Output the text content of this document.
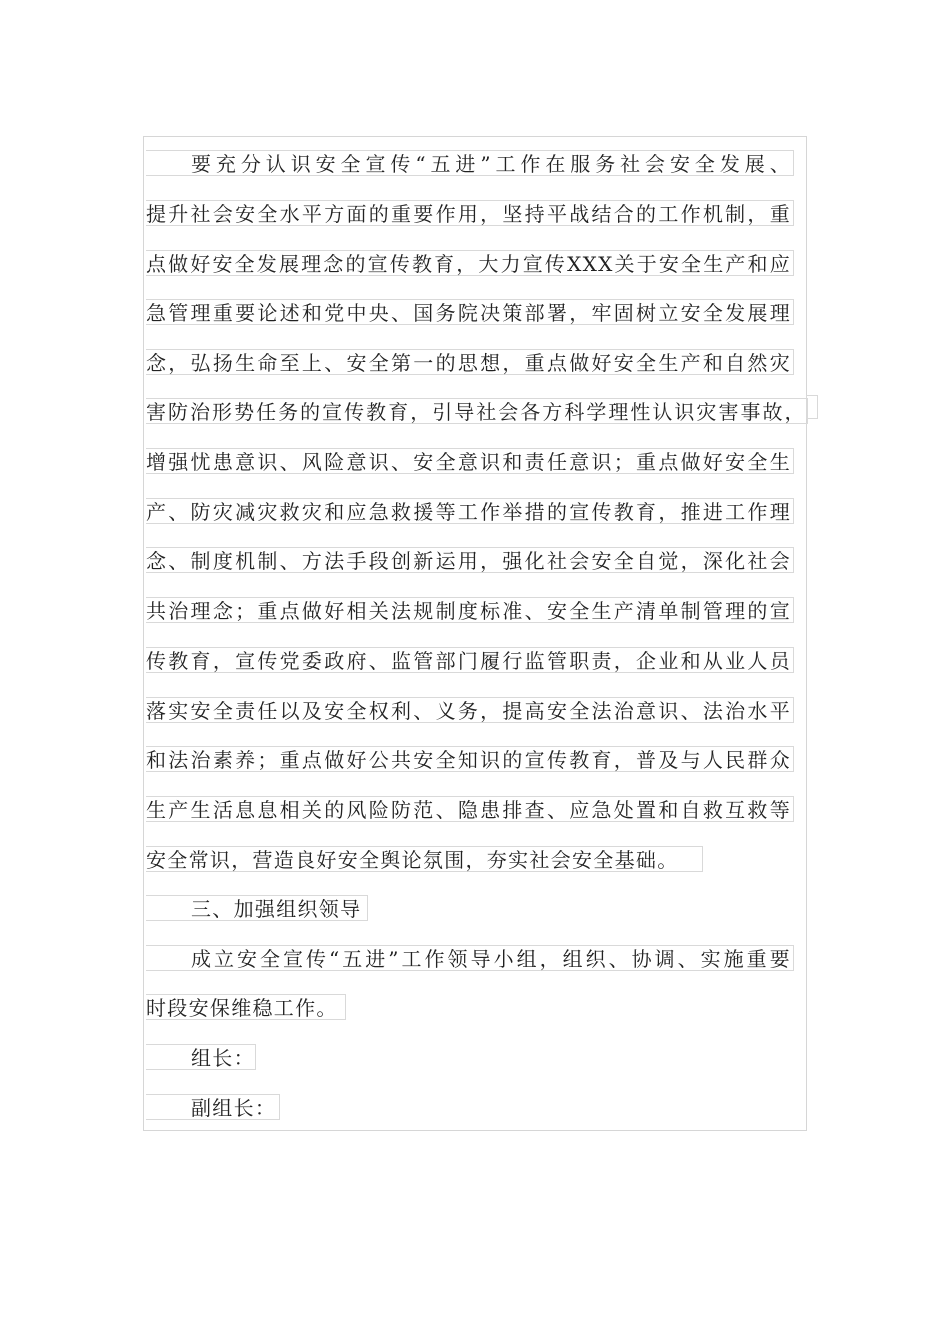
要充分认识安全宣传“五进”工作在服务社会安全发展、
提升社会安全水平方面的重要作用，坚持平战结合的工作机制，重
点做好安全发展理念的宣传教育，大力宣传XXX关于安全生产和应
急管理重要论述和党中央、国务院决策部署，牢固树立安全发展理
念，弘扬生命至上、安全第一的思想，重点做好安全生产和自然灾
害防治形势任务的宣传教育，引导社会各方科学理性认识灾害事故，
增强忧患意识、风险意识、安全意识和责任意识；重点做好安全生
产、防灾减灾救灾和应急救援等工作举措的宣传教育，推进工作理
念、制度机制、方法手段创新运用，强化社会安全自觉，深化社会
共治理念；重点做好相关法规制度标准、安全生产清单制管理的宣
传教育，宣传党委政府、监管部门履行监管职责，企业和从业人员
落实安全责任以及安全权利、义务，提高安全法治意识、法治水平
和法治素养；重点做好公共安全知识的宣传教育，普及与人民群众
生产生活息息相关的风险防范、隐患排查、应急处置和自救互救等
安全常识，营造良好安全舆论氛围，夯实社会安全基础。
三、加强组织领导
成立安全宣传“五进”工作领导小组，组织、协调、实施重要
时段安保维稳工作。
组长：
副组长：
